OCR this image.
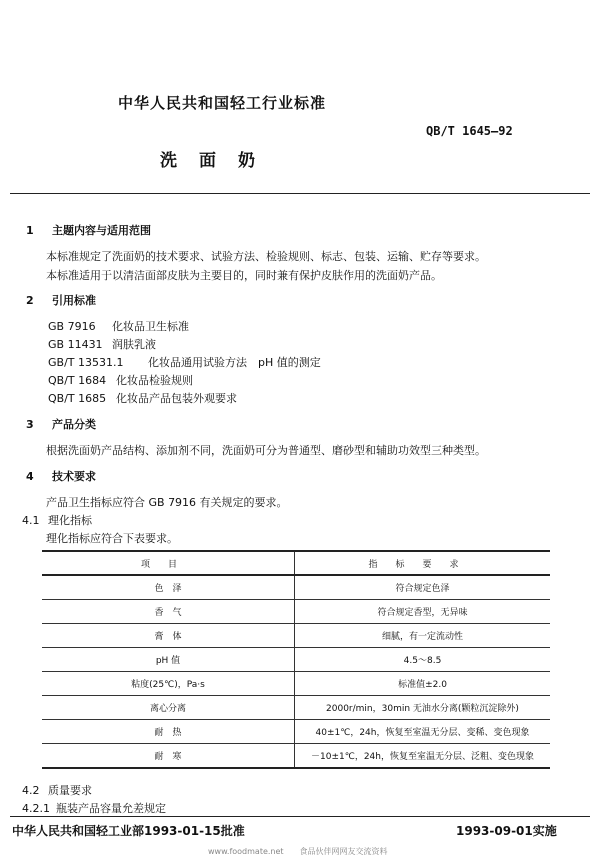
中华人民共和国轻工行业标准
QB/T 1645—92
洗面奶
1 主题内容与适用范围
本标准规定了洗面奶的技术要求、试验方法、检验规则、标志、包装、运输、贮存等要求。
本标准适用于以清洁面部皮肤为主要目的，同时兼有保护皮肤作用的洗面奶产品。
2 引用标准
GB 7916 化妆品卫生标准
GB 11431 润肤乳液
GB/T 13531.1 化妆品通用试验方法　pH 值的测定
QB/T 1684 化妆品检验规则
QB/T 1685 化妆品产品包装外观要求
3 产品分类
根据洗面奶产品结构、添加剂不同，洗面奶可分为普通型、磨砂型和辅助功效型三种类型。
4 技术要求
产品卫生指标应符合 GB 7916 有关规定的要求。
4.1 理化指标
理化指标应符合下表要求。
项目	指标要求
色　泽	符合规定色泽
香　气	符合规定香型，无异味
膏　体	细腻，有一定流动性
pH 值	4.5～8.5
粘度(25℃)，Pa·s	标准值±2.0
离心分离	2000r/min，30min 无油水分离(颗粒沉淀除外)
耐　热	40±1℃，24h，恢复至室温无分层、变稀、变色现象
耐　寒	－10±1℃，24h，恢复至室温无分层、泛粗、变色现象
4.2 质量要求
4.2.1 瓶装产品容量允差规定
中华人民共和国轻工业部1993-01-15批准	1993-09-01实施
www.foodmate.net　　食品伙伴网网友交流资料
